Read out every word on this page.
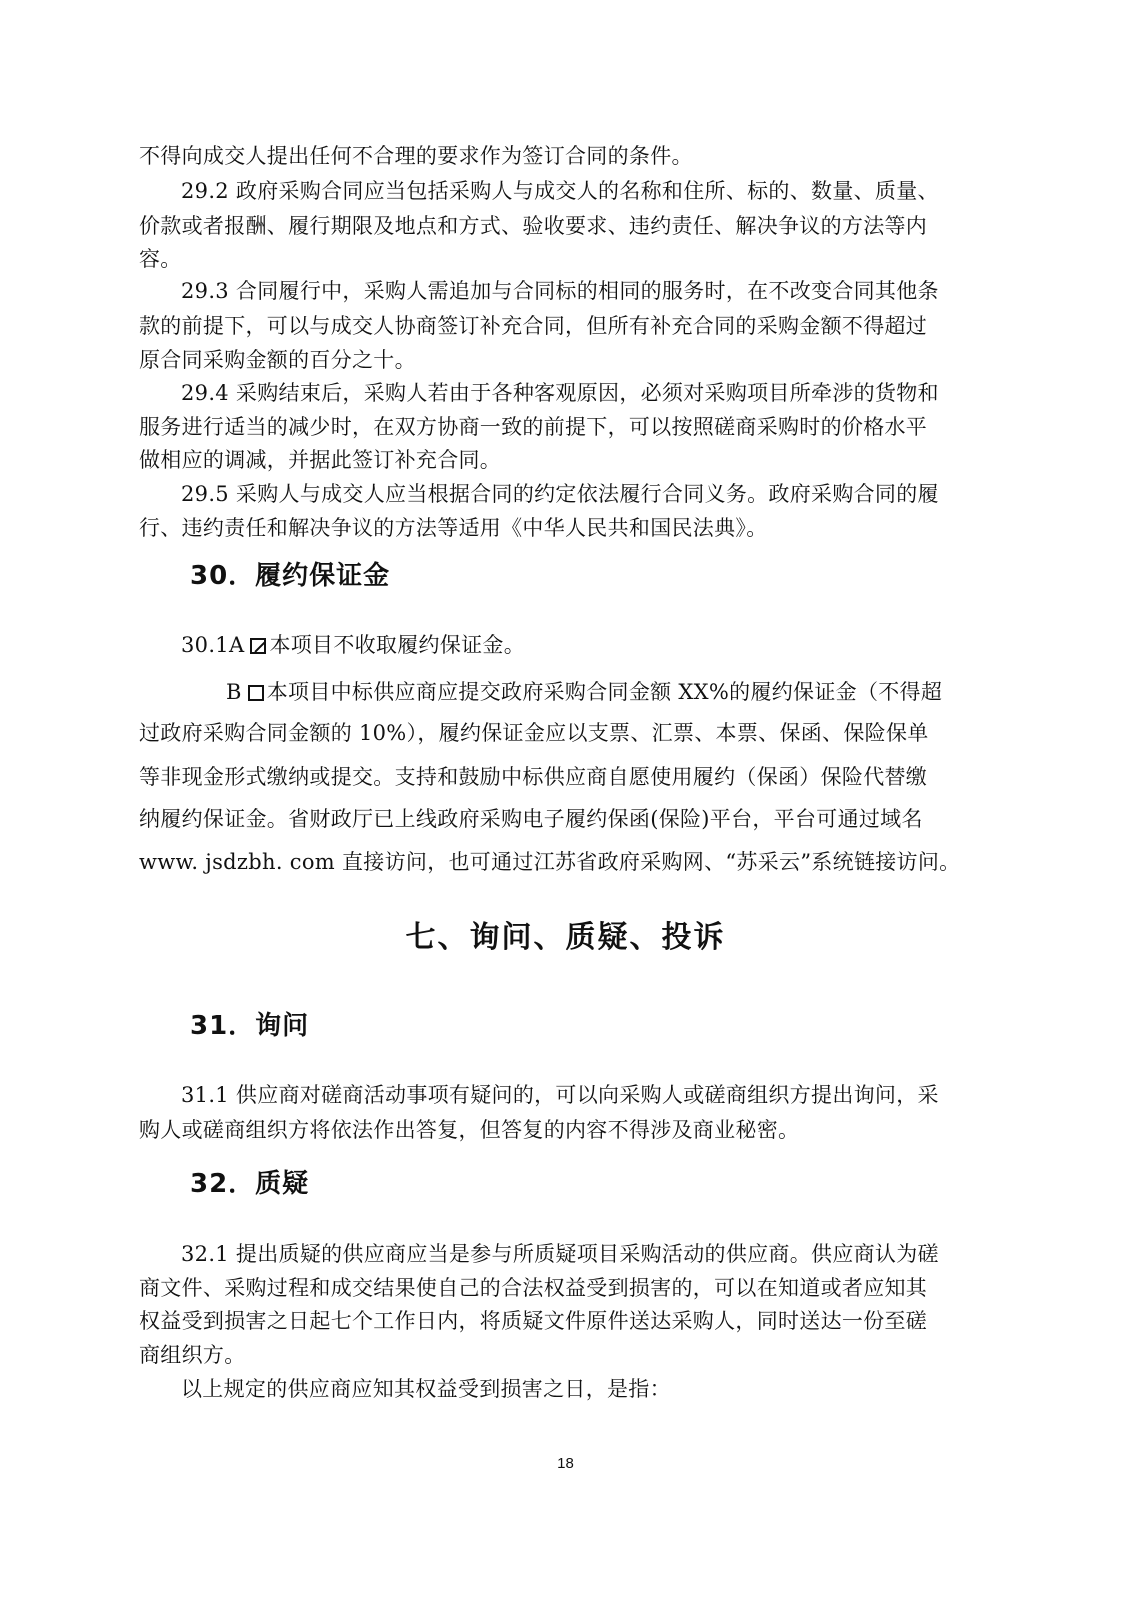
不得向成交人提出任何不合理的要求作为签订合同的条件。
29.2 政府采购合同应当包括采购人与成交人的名称和住所、标的、数量、质量、
价款或者报酬、履行期限及地点和方式、验收要求、违约责任、解决争议的方法等内
容。
29.3 合同履行中，采购人需追加与合同标的相同的服务时，在不改变合同其他条
款的前提下，可以与成交人协商签订补充合同，但所有补充合同的采购金额不得超过
原合同采购金额的百分之十。
29.4 采购结束后，采购人若由于各种客观原因，必须对采购项目所牵涉的货物和
服务进行适当的减少时，在双方协商一致的前提下，可以按照磋商采购时的价格水平
做相应的调减，并据此签订补充合同。
29.5 采购人与成交人应当根据合同的约定依法履行合同义务。政府采购合同的履
行、违约责任和解决争议的方法等适用《中华人民共和国民法典》。
30．履约保证金
30.1A 本项目不收取履约保证金。
B 本项目中标供应商应提交政府采购合同金额 XX%的履约保证金（不得超
过政府采购合同金额的 10%），履约保证金应以支票、汇票、本票、保函、保险保单
等非现金形式缴纳或提交。支持和鼓励中标供应商自愿使用履约（保函）保险代替缴
纳履约保证金。省财政厅已上线政府采购电子履约保函(保险)平台，平台可通过域名
www. jsdzbh. com 直接访问，也可通过江苏省政府采购网、“苏采云”系统链接访问。
七、询问、质疑、投诉
31．询问
31.1 供应商对磋商活动事项有疑问的，可以向采购人或磋商组织方提出询问，采
购人或磋商组织方将依法作出答复，但答复的内容不得涉及商业秘密。
32．质疑
32.1 提出质疑的供应商应当是参与所质疑项目采购活动的供应商。供应商认为磋
商文件、采购过程和成交结果使自己的合法权益受到损害的，可以在知道或者应知其
权益受到损害之日起七个工作日内，将质疑文件原件送达采购人，同时送达一份至磋
商组织方。
以上规定的供应商应知其权益受到损害之日，是指：
18
